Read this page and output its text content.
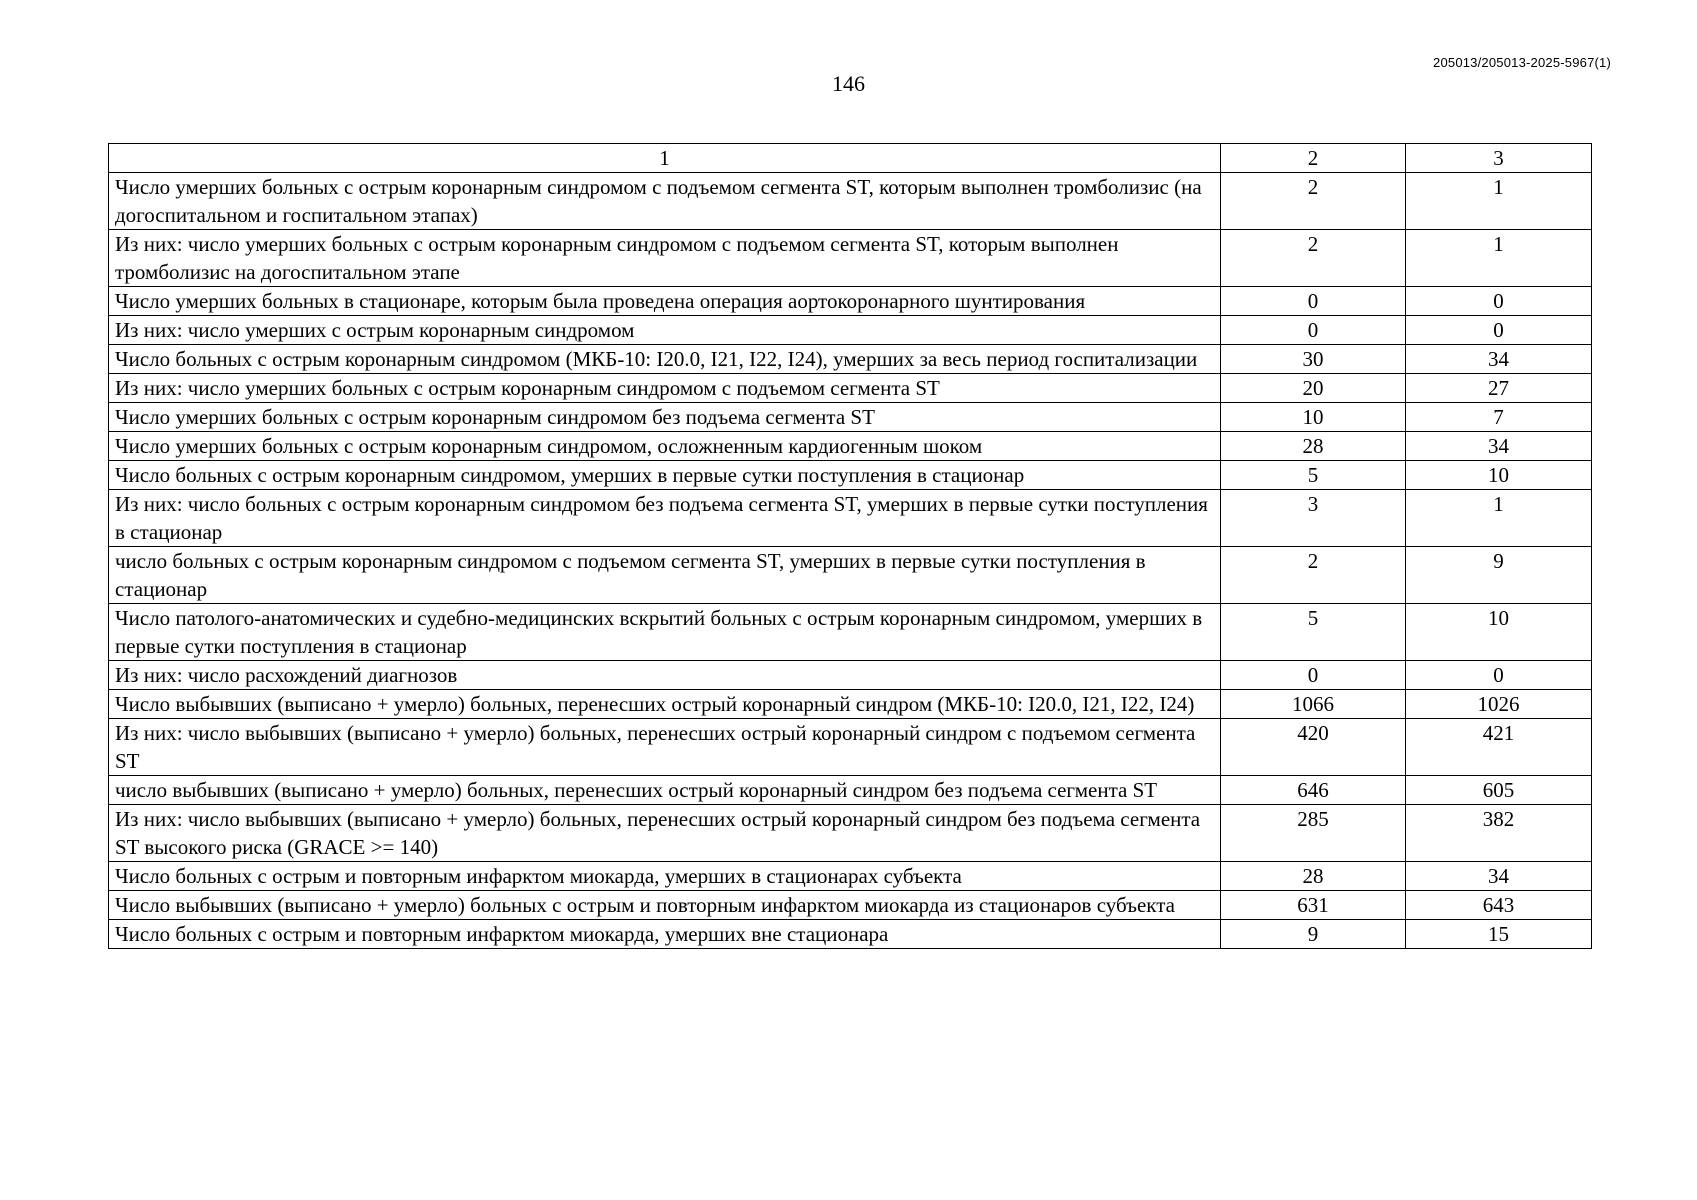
205013/205013-2025-5967(1)
146
1	2	3
Число умерших больных с острым коронарным синдромом с подъемом сегмента ST, которым выполнен тромболизис (на догоспитальном и госпитальном этапах)	2	1
Из них: число умерших больных с острым коронарным синдромом с подъемом сегмента ST, которым выполнен тромболизис на догоспитальном этапе	2	1
Число умерших больных в стационаре, которым была проведена операция аортокоронарного шунтирования	0	0
Из них: число умерших с острым коронарным синдромом	0	0
Число больных с острым коронарным синдромом (МКБ-10: I20.0, I21, I22, I24), умерших за весь период госпитализации	30	34
Из них: число умерших больных с острым коронарным синдромом с подъемом сегмента ST	20	27
Число умерших больных с острым коронарным синдромом без подъема сегмента ST	10	7
Число умерших больных с острым коронарным синдромом, осложненным кардиогенным шоком	28	34
Число больных с острым коронарным синдромом, умерших в первые сутки поступления в стационар	5	10
Из них: число больных с острым коронарным синдромом без подъема сегмента ST, умерших в первые сутки поступления в стационар	3	1
число больных с острым коронарным синдромом с подъемом сегмента ST, умерших в первые сутки поступления в стационар	2	9
Число патолого-анатомических и судебно-медицинских вскрытий больных с острым коронарным синдромом, умерших в первые сутки поступления в стационар	5	10
Из них: число расхождений диагнозов	0	0
Число выбывших (выписано + умерло) больных, перенесших острый коронарный синдром (МКБ-10: I20.0, I21, I22, I24)	1066	1026
Из них: число выбывших (выписано + умерло) больных, перенесших острый коронарный синдром с подъемом сегмента ST	420	421
число выбывших (выписано + умерло) больных, перенесших острый коронарный синдром без подъема сегмента ST	646	605
Из них: число выбывших (выписано + умерло) больных, перенесших острый коронарный синдром без подъема сегмента ST высокого риска (GRACE >= 140)	285	382
Число больных с острым и повторным инфарктом миокарда, умерших в стационарах субъекта	28	34
Число выбывших (выписано + умерло) больных с острым и повторным инфарктом миокарда из стационаров субъекта	631	643
Число больных с острым и повторным инфарктом миокарда, умерших вне стационара	9	15
